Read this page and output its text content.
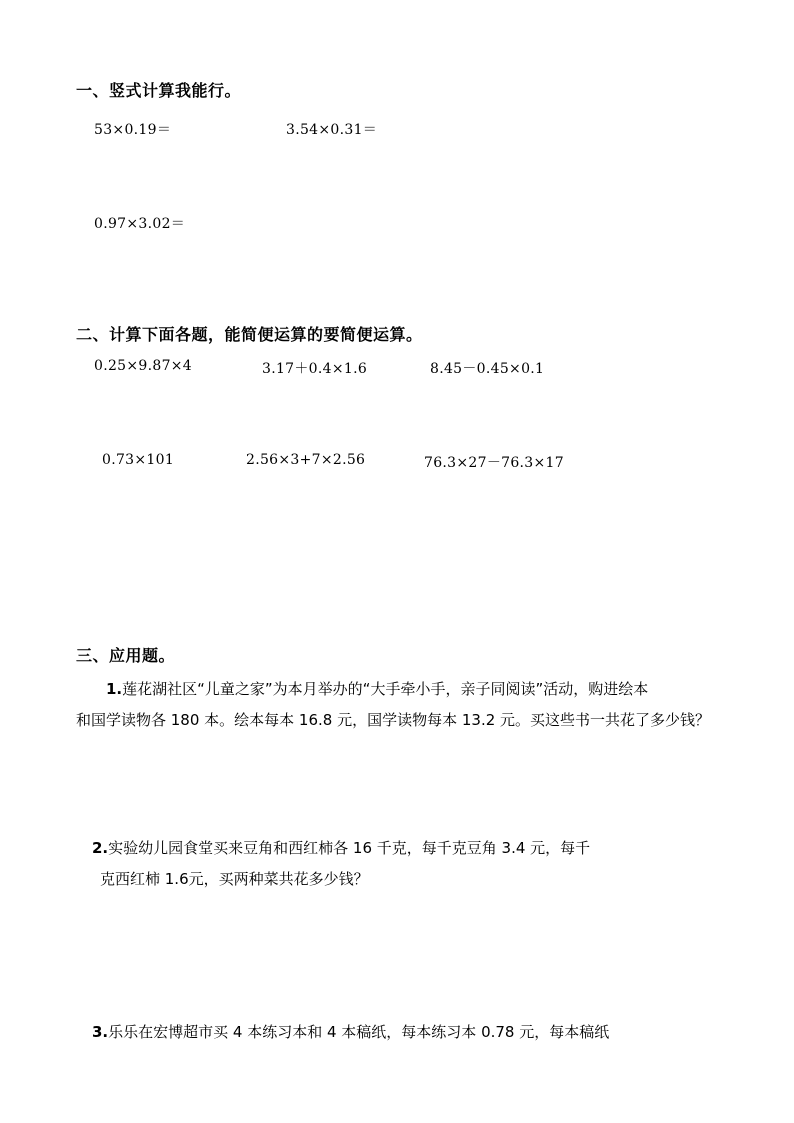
一、竖式计算我能行。
53×0.19＝	3.54×0.31＝
0.97×3.02＝
二、计算下面各题，能简便运算的要简便运算。
0.25×9.87×4	3.17＋0.4×1.6	8.45－0.45×0.1
0.73×101	2.56×3+7×2.56	76.3×27－76.3×17
三、应用题。
1.莲花湖社区“儿童之家”为本月举办的“大手牵小手，亲子同阅读”活动，购进绘本
和国学读物各 180 本。绘本每本 16.8 元，国学读物每本 13.2 元。买这些书一共花了多少钱？
2.实验幼儿园食堂买来豆角和西红柿各 16 千克，每千克豆角 3.4 元，每千
克西红柿 1.6元，买两种菜共花多少钱？
3.乐乐在宏博超市买 4 本练习本和 4 本稿纸，每本练习本 0.78 元，每本稿纸
